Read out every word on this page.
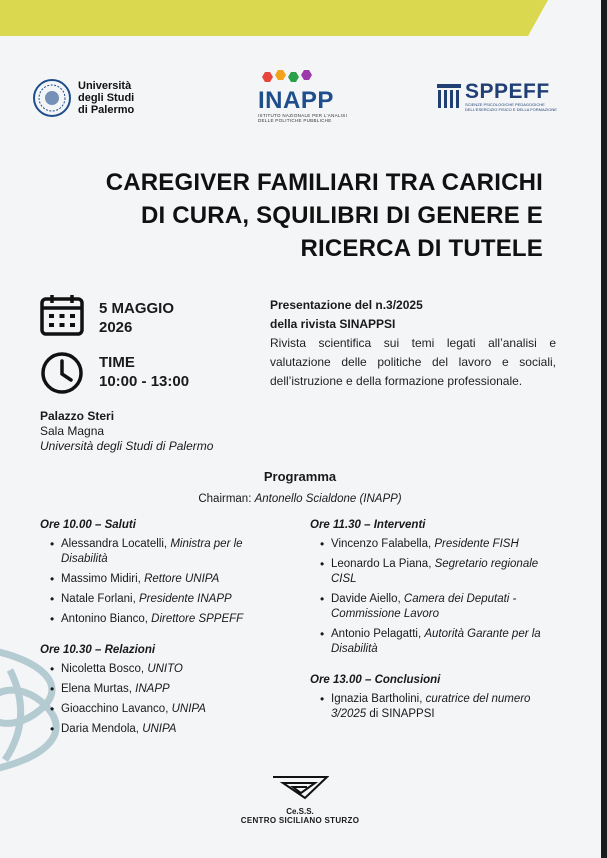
Università
degli Studi
di Palermo	INAPP
ISTITUTO NAZIONALE PER L'ANALISI
DELLE POLITICHE PUBBLICHE
SPPEFF
SCIENZE PSICOLOGICHE PEDAGOGICHE
DELL'ESERCIZIO FISICO E DELLA FORMAZIONE
CAREGIVER FAMILIARI TRA CARICHI
DI CURA, SQUILIBRI DI GENERE E
RICERCA DI TUTELE
5 MAGGIO
2026
TIME
10:00 - 13:00
Palazzo Steri
Sala Magna
Università degli Studi di Palermo
Presentazione del n.3/2025
della rivista SINAPPSI
Rivista scientifica sui temi legati all’analisi e valutazione delle politiche del lavoro e sociali, dell’istruzione e della formazione professionale.
Programma
Chairman: Antonello Scialdone (INAPP)
Ore 10.00 – Saluti
• Alessandra Locatelli, Ministra per le Disabilità
• Massimo Midiri, Rettore UNIPA
• Natale Forlani, Presidente INAPP
• Antonino Bianco, Direttore SPPEFF
Ore 10.30 – Relazioni
• Nicoletta Bosco, UNITO
• Elena Murtas, INAPP
• Gioacchino Lavanco, UNIPA
• Daria Mendola, UNIPA
Ore 11.30 – Interventi
• Vincenzo Falabella, Presidente FISH
• Leonardo La Piana, Segretario regionale CISL
• Davide Aiello, Camera dei Deputati - Commissione Lavoro
• Antonio Pelagatti, Autorità Garante per la Disabilità
Ore 13.00 – Conclusioni
• Ignazia Bartholini, curatrice del numero 3/2025 di SINAPPSI
Ce.S.S.
CENTRO SICILIANO STURZO
